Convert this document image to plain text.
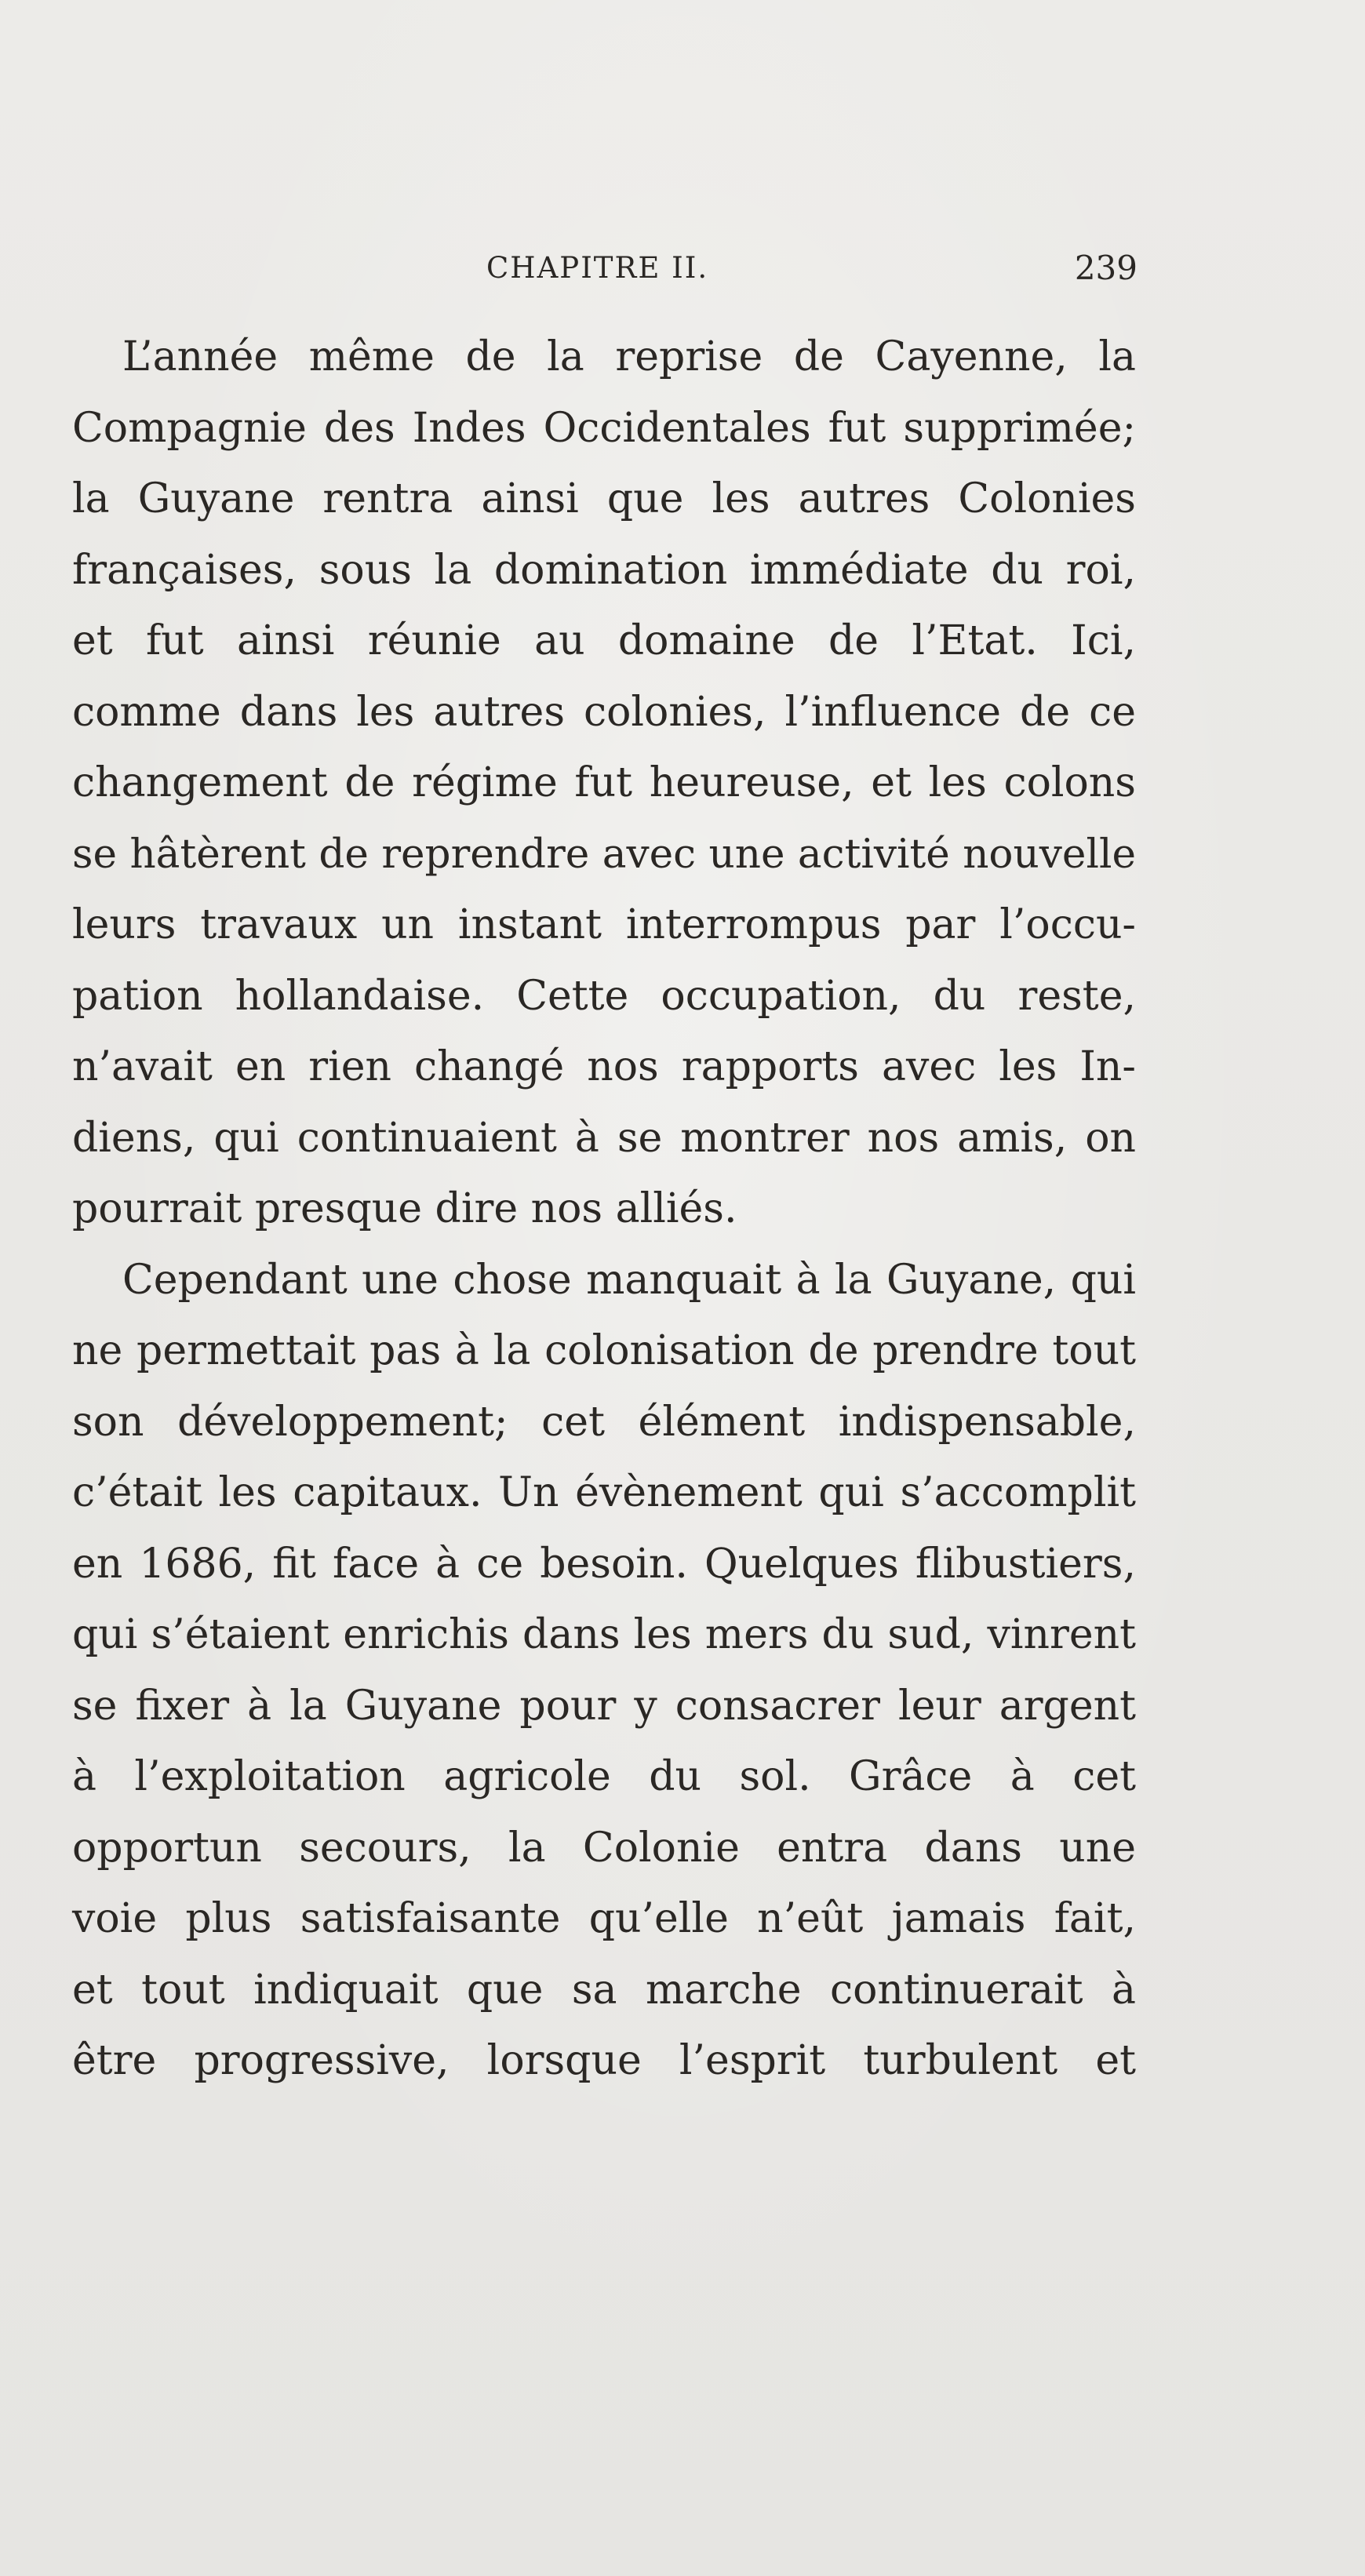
CHAPITRE II.	239
L’année même de la reprise de Cayenne, la
Compagnie des Indes Occidentales fut supprimée;
la Guyane rentra ainsi que les autres Colonies
françaises, sous la domination immédiate du roi,
et fut ainsi réunie au domaine de l’Etat. Ici,
comme dans les autres colonies, l’influence de ce
changement de régime fut heureuse, et les colons
se hâtèrent de reprendre avec une activité nouvelle
leurs travaux un instant interrompus par l’occu-
pation hollandaise. Cette occupation, du reste,
n’avait en rien changé nos rapports avec les In-
diens, qui continuaient à se montrer nos amis, on
pourrait presque dire nos alliés.
Cependant une chose manquait à la Guyane, qui
ne permettait pas à la colonisation de prendre tout
son développement; cet élément indispensable,
c’était les capitaux. Un évènement qui s’accomplit
en 1686, fit face à ce besoin. Quelques flibustiers,
qui s’étaient enrichis dans les mers du sud, vinrent
se fixer à la Guyane pour y consacrer leur argent
à l’exploitation agricole du sol. Grâce à cet
opportun secours, la Colonie entra dans une
voie plus satisfaisante qu’elle n’eût jamais fait,
et tout indiquait que sa marche continuerait à
être progressive, lorsque l’esprit turbulent et
